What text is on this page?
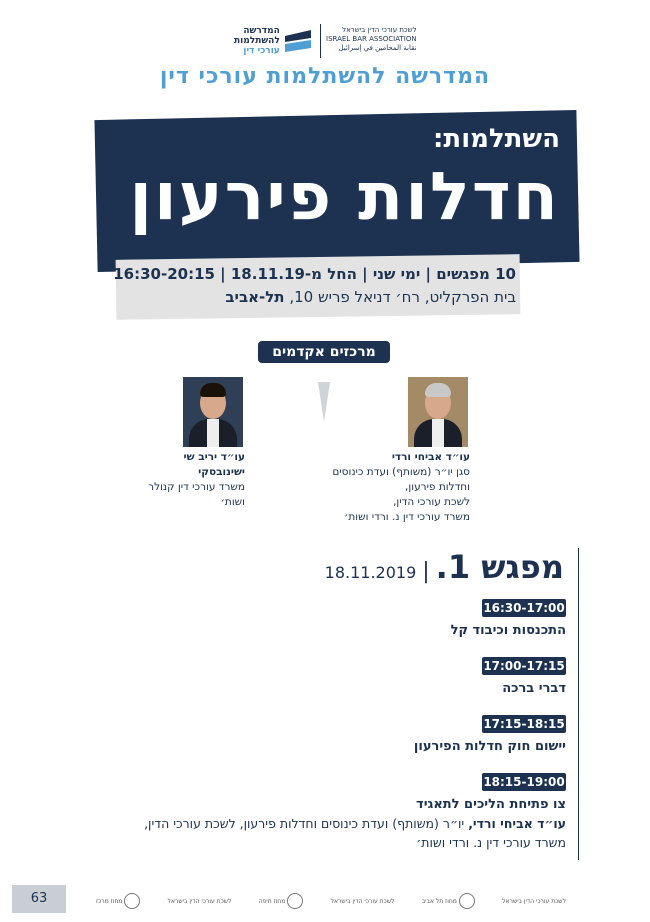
לשכת עורכי הדין בישראל
ISRAEL BAR ASSOCIATION
نقابة المحامين في إسرائيل
המדרשה
להשתלמות
עורכי דין
המדרשה להשתלמות עורכי דין
השתלמות:
חדלות פירעון
10 מפגשים | ימי שני | החל מ-18.11.19 | 16:30-20:15
בית הפרקליט, רח׳ דניאל פריש 10, תל-אביב
מרכזים אקדמים
עו״ד אביחי ורדי
סגן יו״ר (משותף) ועדת כינוסים וחדלות פירעון,
לשכת עורכי הדין,
משרד עורכי דין נ. ורדי ושות׳
עו״ד יריב שי ישינובסקי
משרד עורכי דין קנולר ושות׳
מפגש 1.|18.11.2019
16:30-17:00
התכנסות וכיבוד קל
17:00-17:15
דברי ברכה
17:15-18:15
יישום חוק חדלות הפירעון
18:15-19:00
צו פתיחת הליכים לתאגיד
עו״ד אביחי ורדי, יו״ר (משותף) ועדת כינוסים וחדלות פירעון, לשכת עורכי הדין,
משרד עורכי דין נ. ורדי ושות׳
63	מחוז מרכז	לשכת עורכי הדין בישראל	מחוז חיפה	לשכת עורכי הדין בישראל	מחוז תל אביב	לשכת עורכי הדין בישראל
